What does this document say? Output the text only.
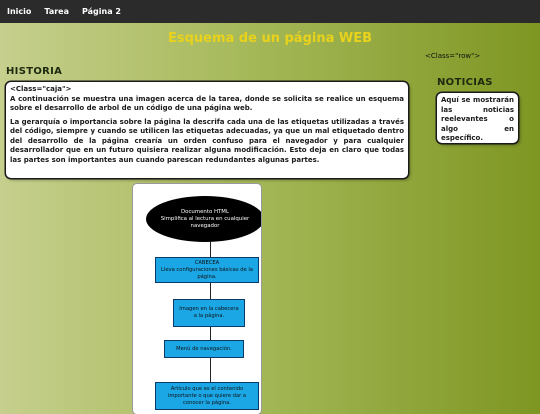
Inicio Tarea Página 2
Esquema de un página WEB
<Class="row">
HISTORIA

<Class="caja">

A continuación se muestra una imagen acerca de la tarea, donde se solicita se realice un esquema sobre el desarrollo de arbol de un código de una página web.

La gerarquía o importancia sobre la página la descrifa cada una de las etiquetas utilizadas a través del código, siempre y cuando se utilicen las etiquetas adecuadas, ya que un mal etiquetado dentro del desarrollo de la página crearía un orden confuso para el navegador y para cualquier desarrollador que en un futuro quisiera realizar alguna modificación. Esto deja en claro que todas las partes son importantes aun cuando parescan redundantes algunas partes.

NOTICIAS

Aquí se mostrarán las noticias reelevantes o algo en específico.

Documento HTML
Simplifica al lectura en cualquier
navegador
CABECEA
Lleva configuraciones básicas de la
página.
Imagen en la cabecera
a la página.
Menú de navegación.
Artículo que es el contenido
importante o que quiere dar a
conocer la página.
